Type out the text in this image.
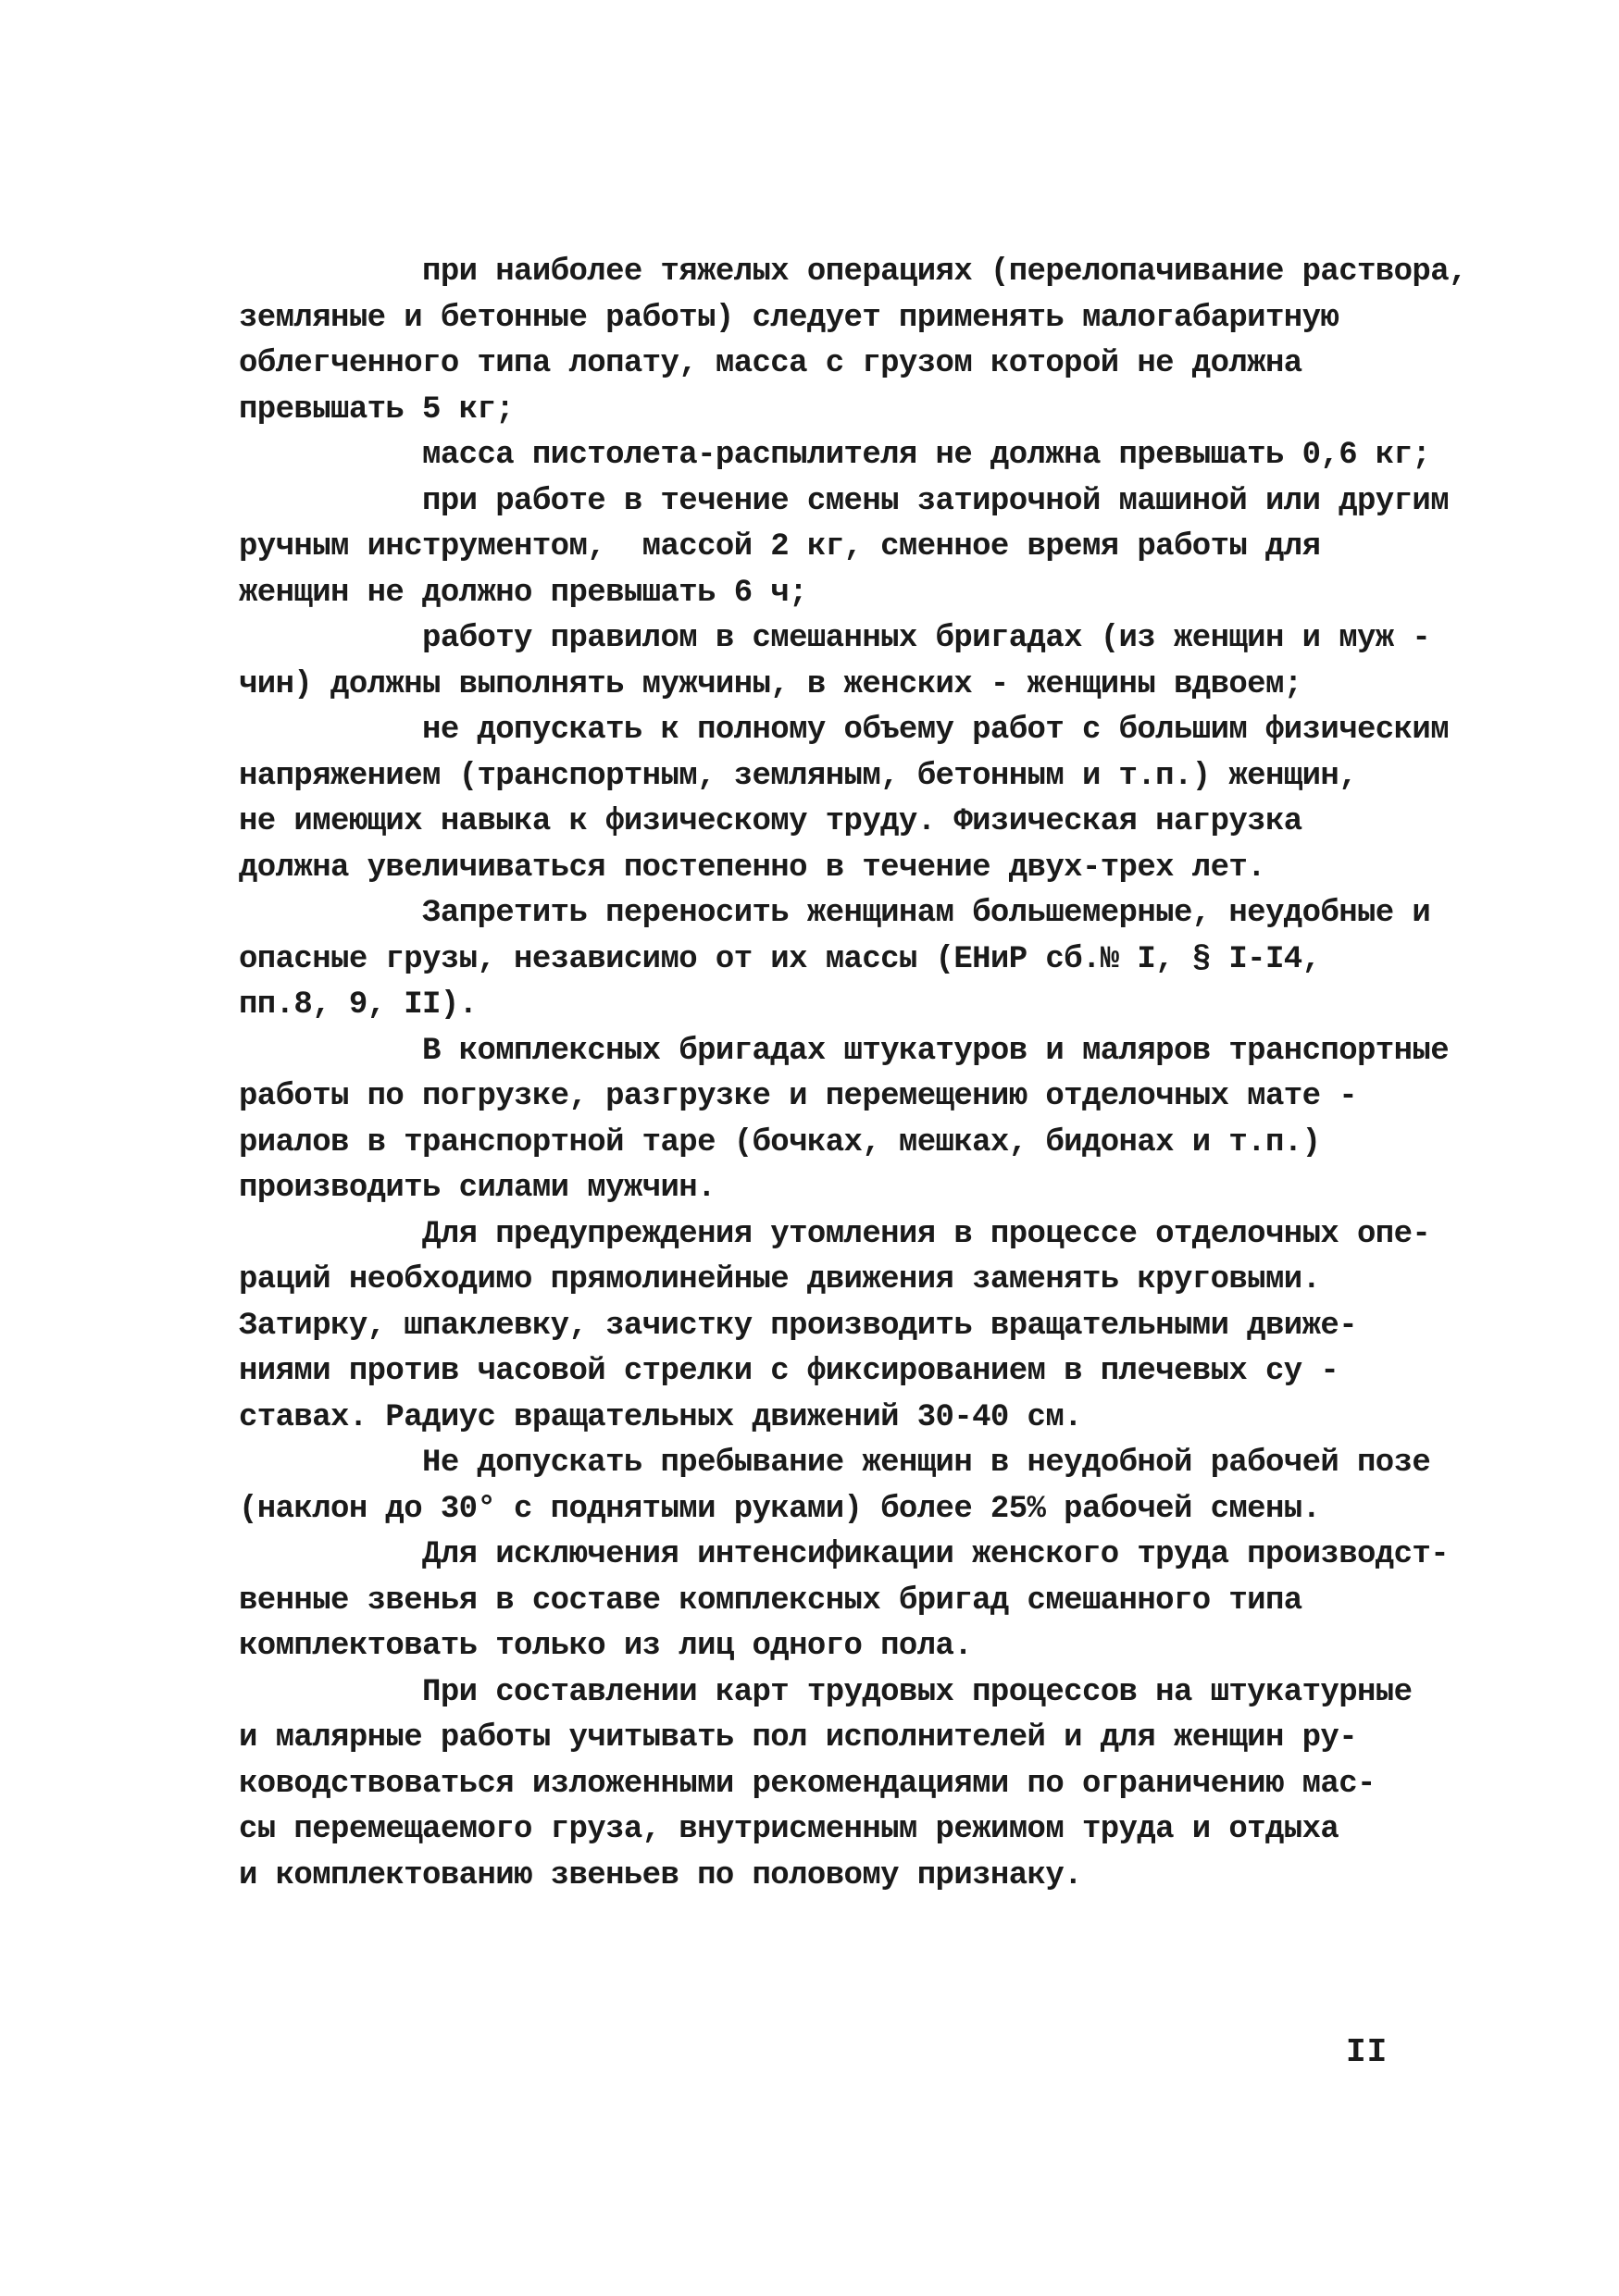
при наиболее тяжелых операциях (перелопачивание раствора,
земляные и бетонные работы) следует применять малогабаритную
облегченного типа лопату, масса с грузом которой не должна
превышать 5 кг;
масса пистолета-распылителя не должна превышать 0,6 кг;
при работе в течение смены затирочной машиной или другим
ручным инструментом,  массой 2 кг, сменное время работы для
женщин не должно превышать 6 ч;
работу правилом в смешанных бригадах (из женщин и муж -
чин) должны выполнять мужчины, в женских - женщины вдвоем;
не допускать к полному объему работ с большим физическим
напряжением (транспортным, земляным, бетонным и т.п.) женщин,
не имеющих навыка к физическому труду. Физическая нагрузка
должна увеличиваться постепенно в течение двух-трех лет.
Запретить переносить женщинам большемерные, неудобные и
опасные грузы, независимо от их массы (ЕНиР сб.№ I, § I-I4,
пп.8, 9, II).
В комплексных бригадах штукатуров и маляров транспортные
работы по погрузке, разгрузке и перемещению отделочных мате -
риалов в транспортной таре (бочках, мешках, бидонах и т.п.)
производить силами мужчин.
Для предупреждения утомления в процессе отделочных опе-
раций необходимо прямолинейные движения заменять круговыми.
Затирку, шпаклевку, зачистку производить вращательными движе-
ниями против часовой стрелки с фиксированием в плечевых су -
ставах. Радиус вращательных движений 30-40 см.
Не допускать пребывание женщин в неудобной рабочей позе
(наклон до 30° с поднятыми руками) более 25% рабочей смены.
Для исключения интенсификации женского труда производст-
венные звенья в составе комплексных бригад смешанного типа
комплектовать только из лиц одного пола.
При составлении карт трудовых процессов на штукатурные
и малярные работы учитывать пол исполнителей и для женщин ру-
ководствоваться изложенными рекомендациями по ограничению мас-
сы перемещаемого груза, внутрисменным режимом труда и отдыха
и комплектованию звеньев по половому признаку.
II
